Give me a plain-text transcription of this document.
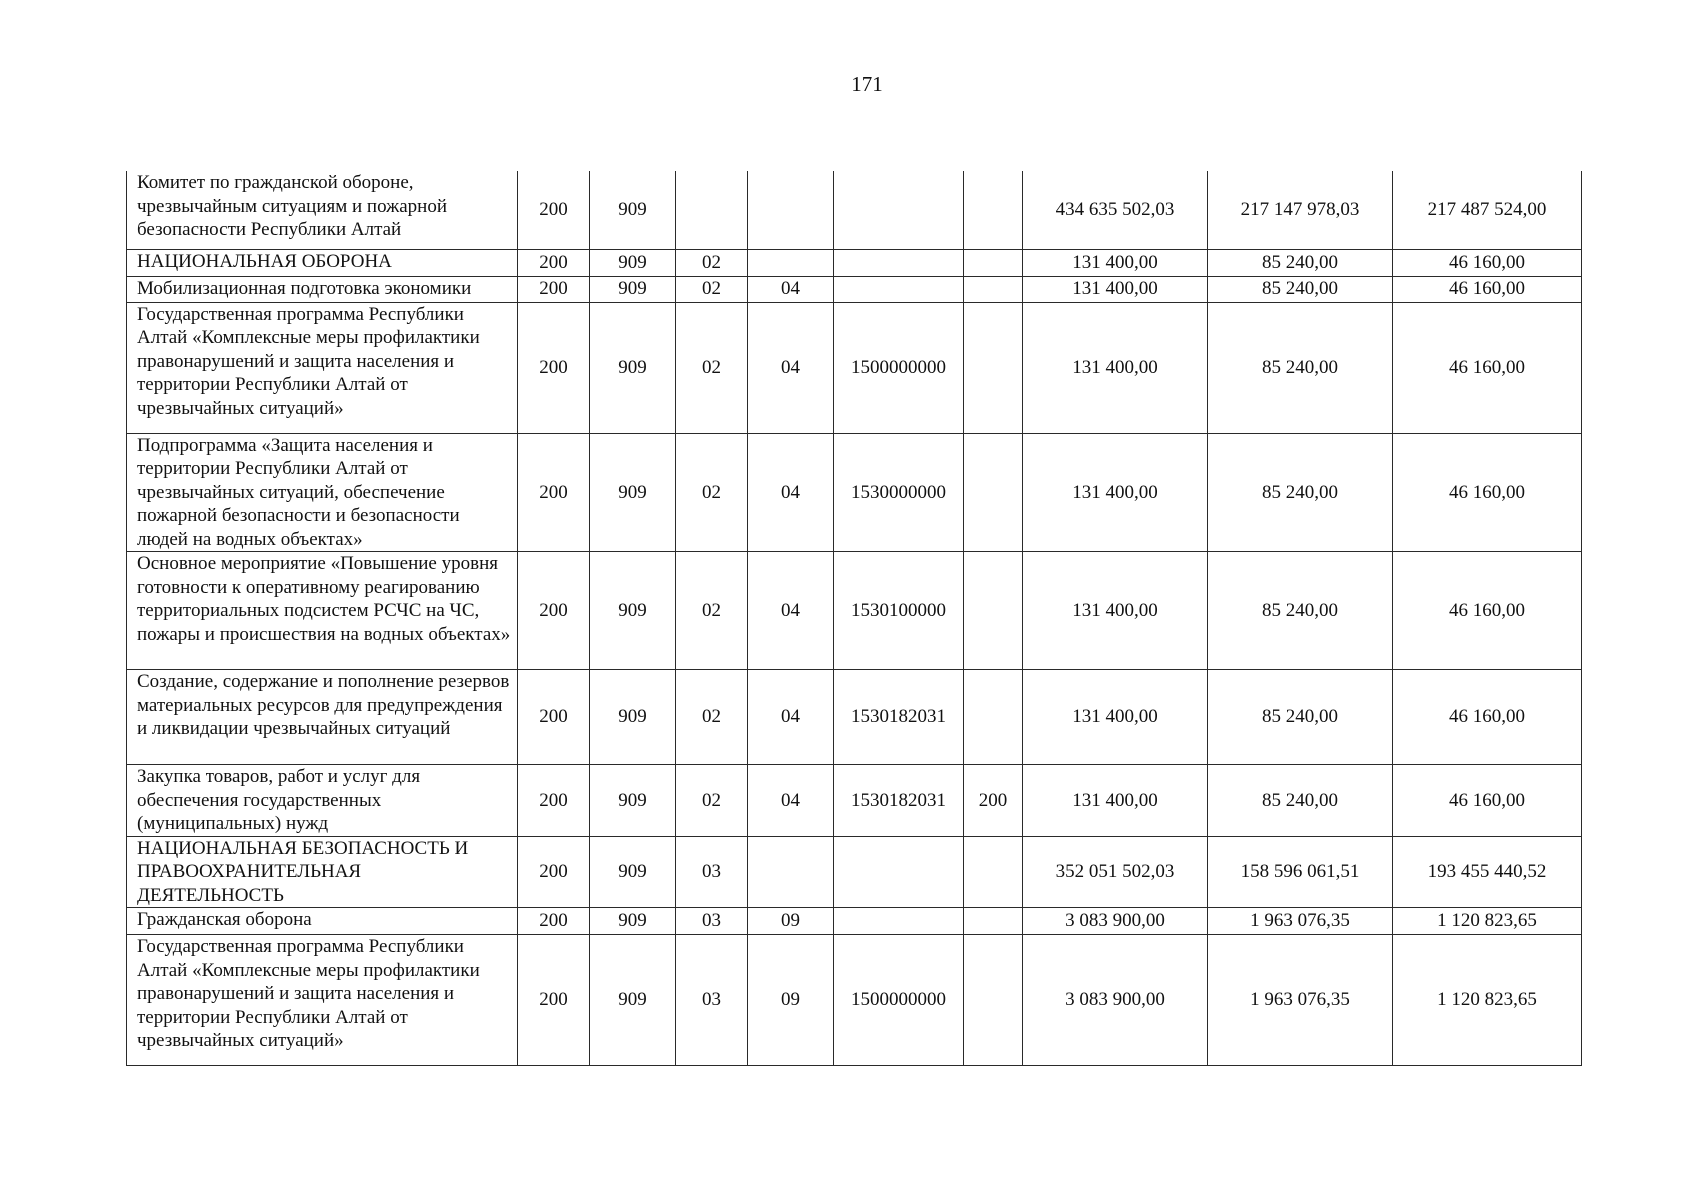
171
Комитет по гражданской обороне, чрезвычайным ситуациям и пожарной безопасности Республики Алтай	200	909					434 635 502,03	217 147 978,03	217 487 524,00
НАЦИОНАЛЬНАЯ ОБОРОНА	200	909	02				131 400,00	85 240,00	46 160,00
Мобилизационная подготовка экономики	200	909	02	04			131 400,00	85 240,00	46 160,00
Государственная программа Республики Алтай «Комплексные меры профилактики правонарушений и защита населения и территории Республики Алтай от чрезвычайных ситуаций»	200	909	02	04	1500000000		131 400,00	85 240,00	46 160,00
Подпрограмма «Защита населения и территории Республики Алтай от чрезвычайных ситуаций, обеспечение пожарной безопасности и безопасности людей на водных объектах»	200	909	02	04	1530000000		131 400,00	85 240,00	46 160,00
Основное мероприятие «Повышение уровня готовности к оперативному реагированию территориальных подсистем РСЧС на ЧС, пожары и происшествия на водных объектах»	200	909	02	04	1530100000		131 400,00	85 240,00	46 160,00
Создание, содержание и пополнение резервов материальных ресурсов для предупреждения и ликвидации чрезвычайных ситуаций	200	909	02	04	1530182031		131 400,00	85 240,00	46 160,00
Закупка товаров, работ и услуг для обеспечения государственных (муниципальных) нужд	200	909	02	04	1530182031	200	131 400,00	85 240,00	46 160,00
НАЦИОНАЛЬНАЯ БЕЗОПАСНОСТЬ И ПРАВООХРАНИТЕЛЬНАЯ ДЕЯТЕЛЬНОСТЬ	200	909	03				352 051 502,03	158 596 061,51	193 455 440,52
Гражданская оборона	200	909	03	09			3 083 900,00	1 963 076,35	1 120 823,65
Государственная программа Республики Алтай «Комплексные меры профилактики правонарушений и защита населения и территории Республики Алтай от чрезвычайных ситуаций»	200	909	03	09	1500000000		3 083 900,00	1 963 076,35	1 120 823,65
